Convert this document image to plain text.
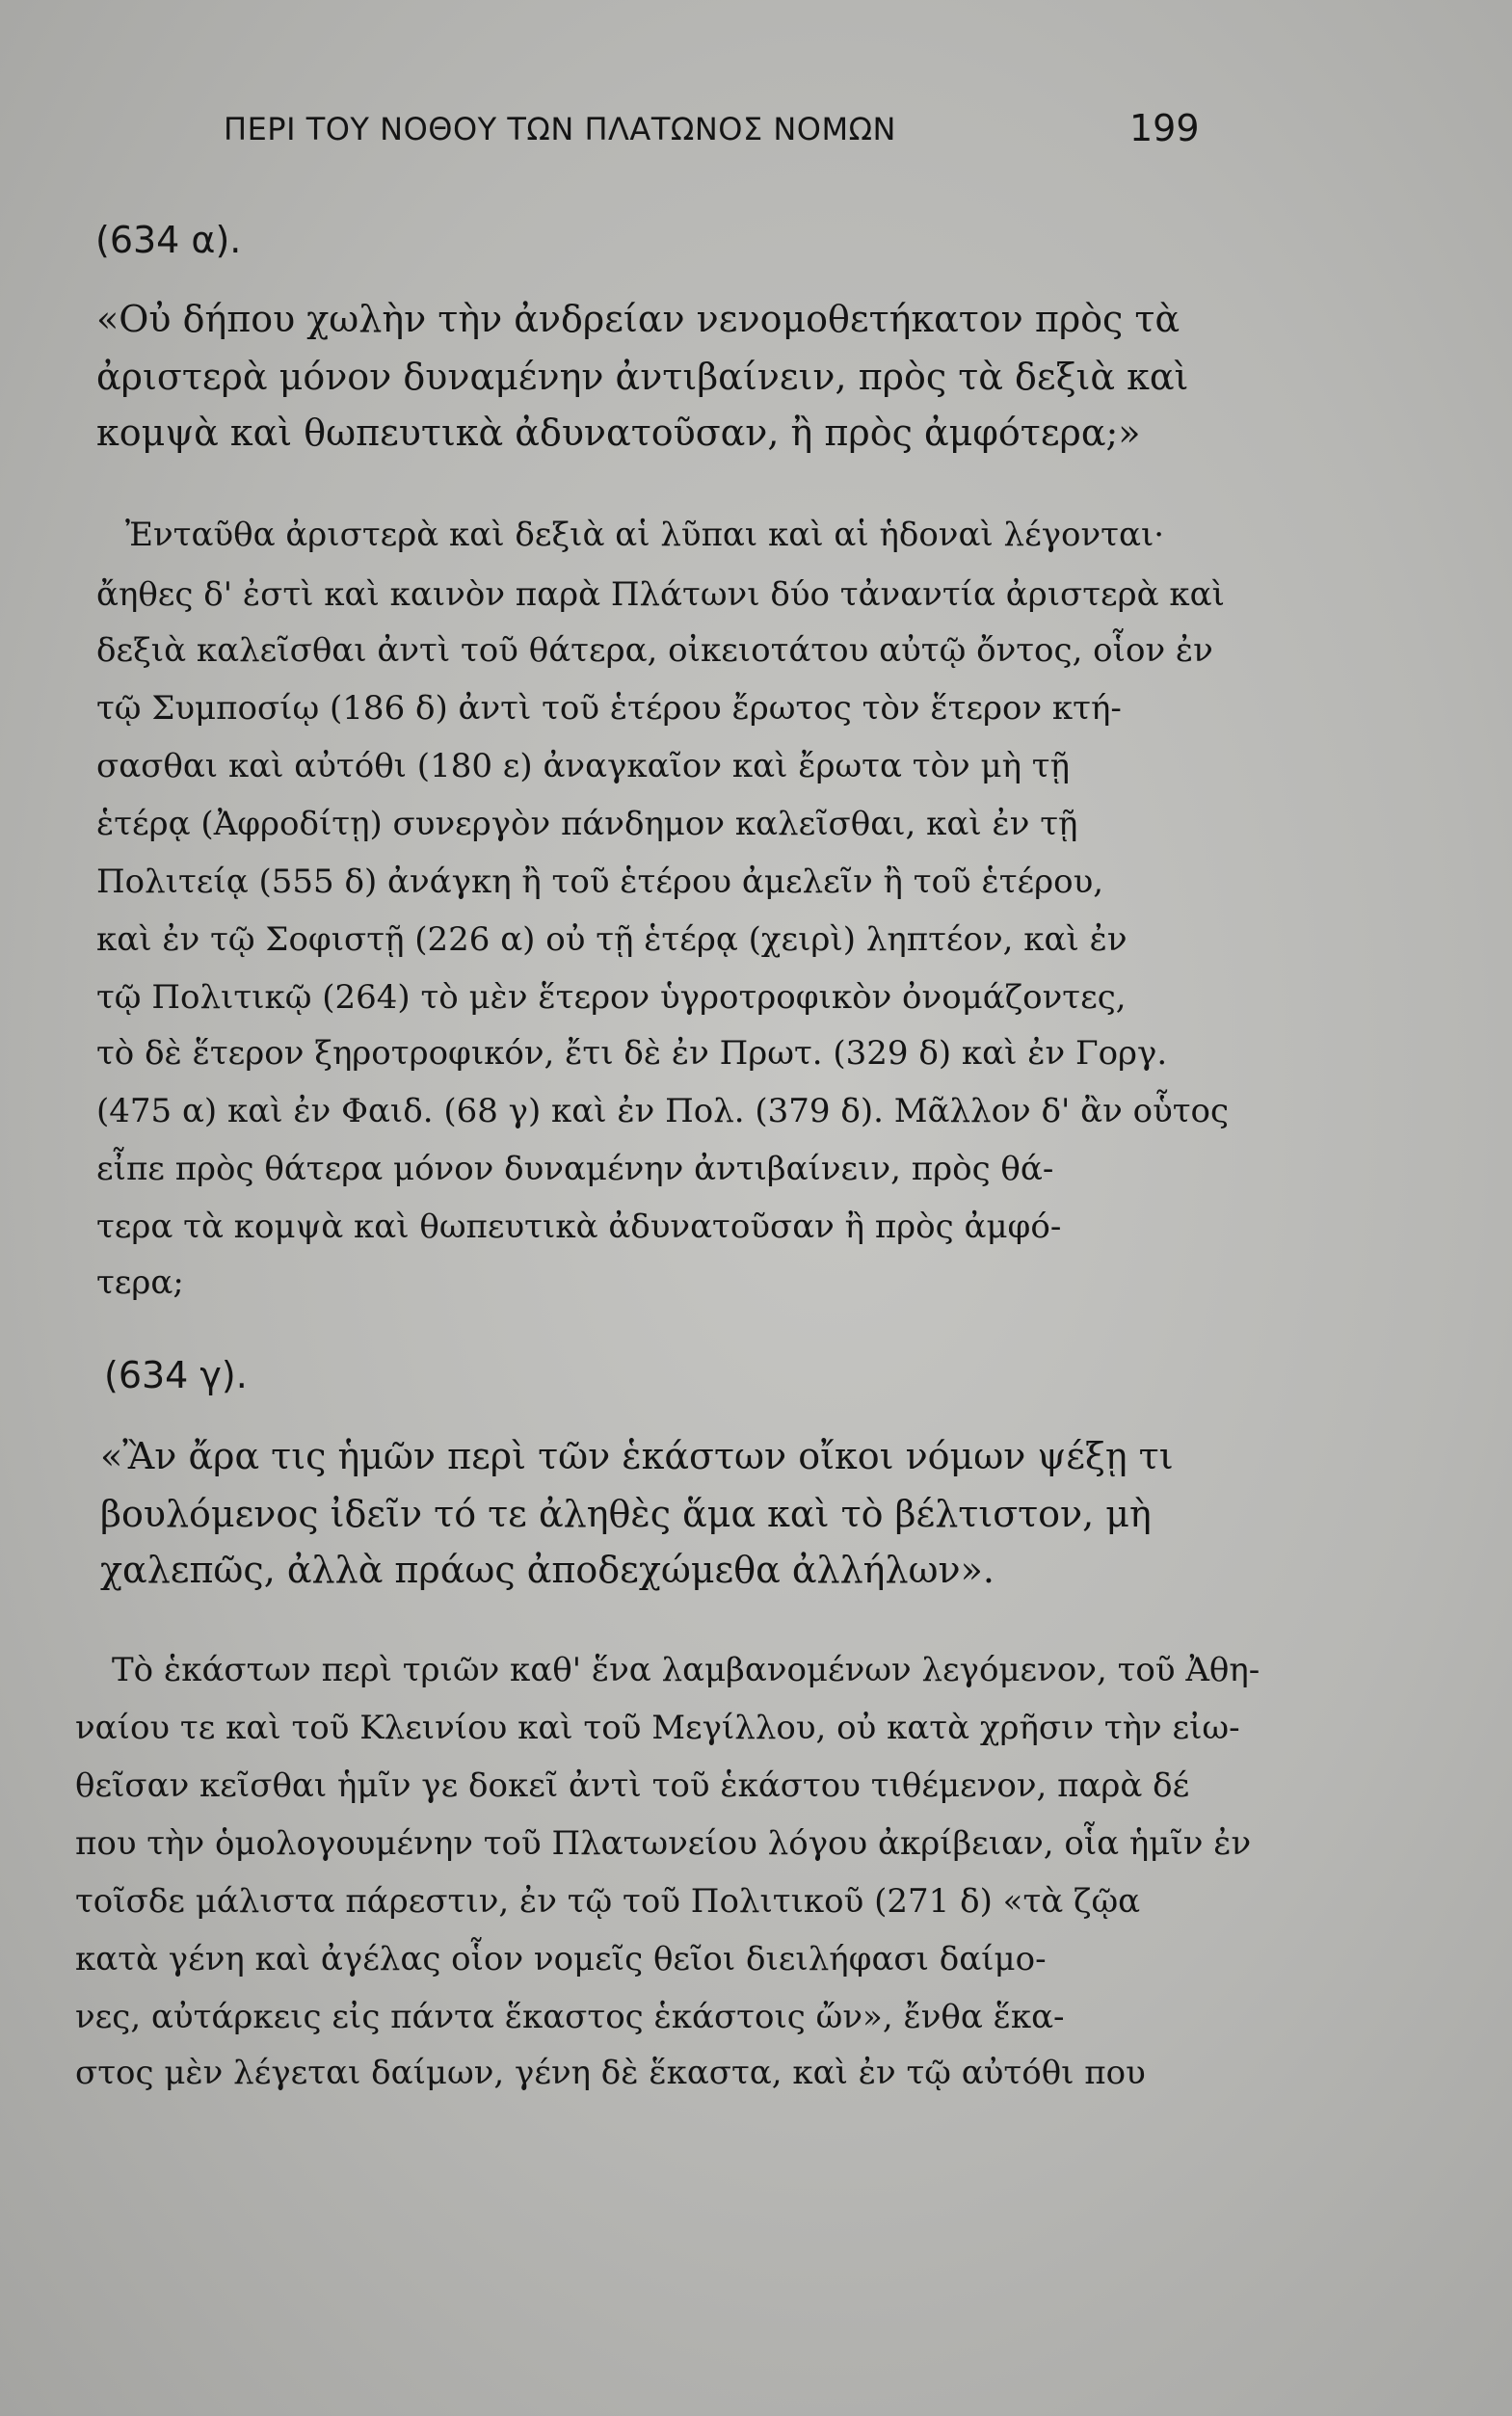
ΠΕΡΙ ΤΟΥ ΝΟΘΟΥ ΤΩΝ ΠΛΑΤΩΝΟΣ ΝΟΜΩΝ	199
(634 α).
«Οὐ δήπου χωλὴν τὴν ἀνδρείαν νενομοθετήκατον πρὸς τὰ
ἀριστερὰ μόνον δυναμένην ἀντιβαίνειν, πρὸς τὰ δεξιὰ καὶ
κομψὰ καὶ θωπευτικὰ ἀδυνατοῦσαν, ἢ πρὸς ἀμφότερα;»
Ἐνταῦθα ἀριστερὰ καὶ δεξιὰ αἱ λῦπαι καὶ αἱ ἡδοναὶ λέγονται·
ἄηθες δ' ἐστὶ καὶ καινὸν παρὰ Πλάτωνι δύο τἀναντία ἀριστερὰ καὶ
δεξιὰ καλεῖσθαι ἀντὶ τοῦ θάτερα, οἰκειοτάτου αὐτῷ ὄντος, οἷον ἐν
τῷ Συμποσίῳ (186 δ) ἀντὶ τοῦ ἑτέρου ἔρωτος τὸν ἕτερον κτή-
σασθαι καὶ αὐτόθι (180 ε) ἀναγκαῖον καὶ ἔρωτα τὸν μὴ τῇ
ἑτέρᾳ (Ἀφροδίτῃ) συνεργὸν πάνδημον καλεῖσθαι, καὶ ἐν τῇ
Πολιτείᾳ (555 δ) ἀνάγκη ἢ τοῦ ἑτέρου ἀμελεῖν ἢ τοῦ ἑτέρου,
καὶ ἐν τῷ Σοφιστῇ (226 α) οὐ τῇ ἑτέρᾳ (χειρὶ) ληπτέον, καὶ ἐν
τῷ Πολιτικῷ (264) τὸ μὲν ἕτερον ὑγροτροφικὸν ὀνομάζοντες,
τὸ δὲ ἕτερον ξηροτροφικόν, ἔτι δὲ ἐν Πρωτ. (329 δ) καὶ ἐν Γοργ.
(475 α) καὶ ἐν Φαιδ. (68 γ) καὶ ἐν Πολ. (379 δ). Μᾶλλον δ' ἂν οὗτος
εἶπε πρὸς θάτερα μόνον δυναμένην ἀντιβαίνειν, πρὸς θά-
τερα τὰ κομψὰ καὶ θωπευτικὰ ἀδυνατοῦσαν ἢ πρὸς ἀμφό-
τερα;
(634 γ).
«Ἂν ἄρα τις ἡμῶν περὶ τῶν ἑκάστων οἴκοι νόμων ψέξῃ τι
βουλόμενος ἰδεῖν τό τε ἀληθὲς ἅμα καὶ τὸ βέλτιστον, μὴ
χαλεπῶς, ἀλλὰ πράως ἀποδεχώμεθα ἀλλήλων».
Τὸ ἑκάστων περὶ τριῶν καθ' ἕνα λαμβανομένων λεγόμενον, τοῦ Ἀθη-
ναίου τε καὶ τοῦ Κλεινίου καὶ τοῦ Μεγίλλου, οὐ κατὰ χρῆσιν τὴν εἰω-
θεῖσαν κεῖσθαι ἡμῖν γε δοκεῖ ἀντὶ τοῦ ἑκάστου τιθέμενον, παρὰ δέ
που τὴν ὁμολογουμένην τοῦ Πλατωνείου λόγου ἀκρίβειαν, οἷα ἡμῖν ἐν
τοῖσδε μάλιστα πάρεστιν, ἐν τῷ τοῦ Πολιτικοῦ (271 δ) «τὰ ζῷα
κατὰ γένη καὶ ἀγέλας οἷον νομεῖς θεῖοι διειλήφασι δαίμο-
νες, αὐτάρκεις εἰς πάντα ἕκαστος ἑκάστοις ὤν», ἔνθα ἕκα-
στος μὲν λέγεται δαίμων, γένη δὲ ἕκαστα, καὶ ἐν τῷ αὐτόθι που
